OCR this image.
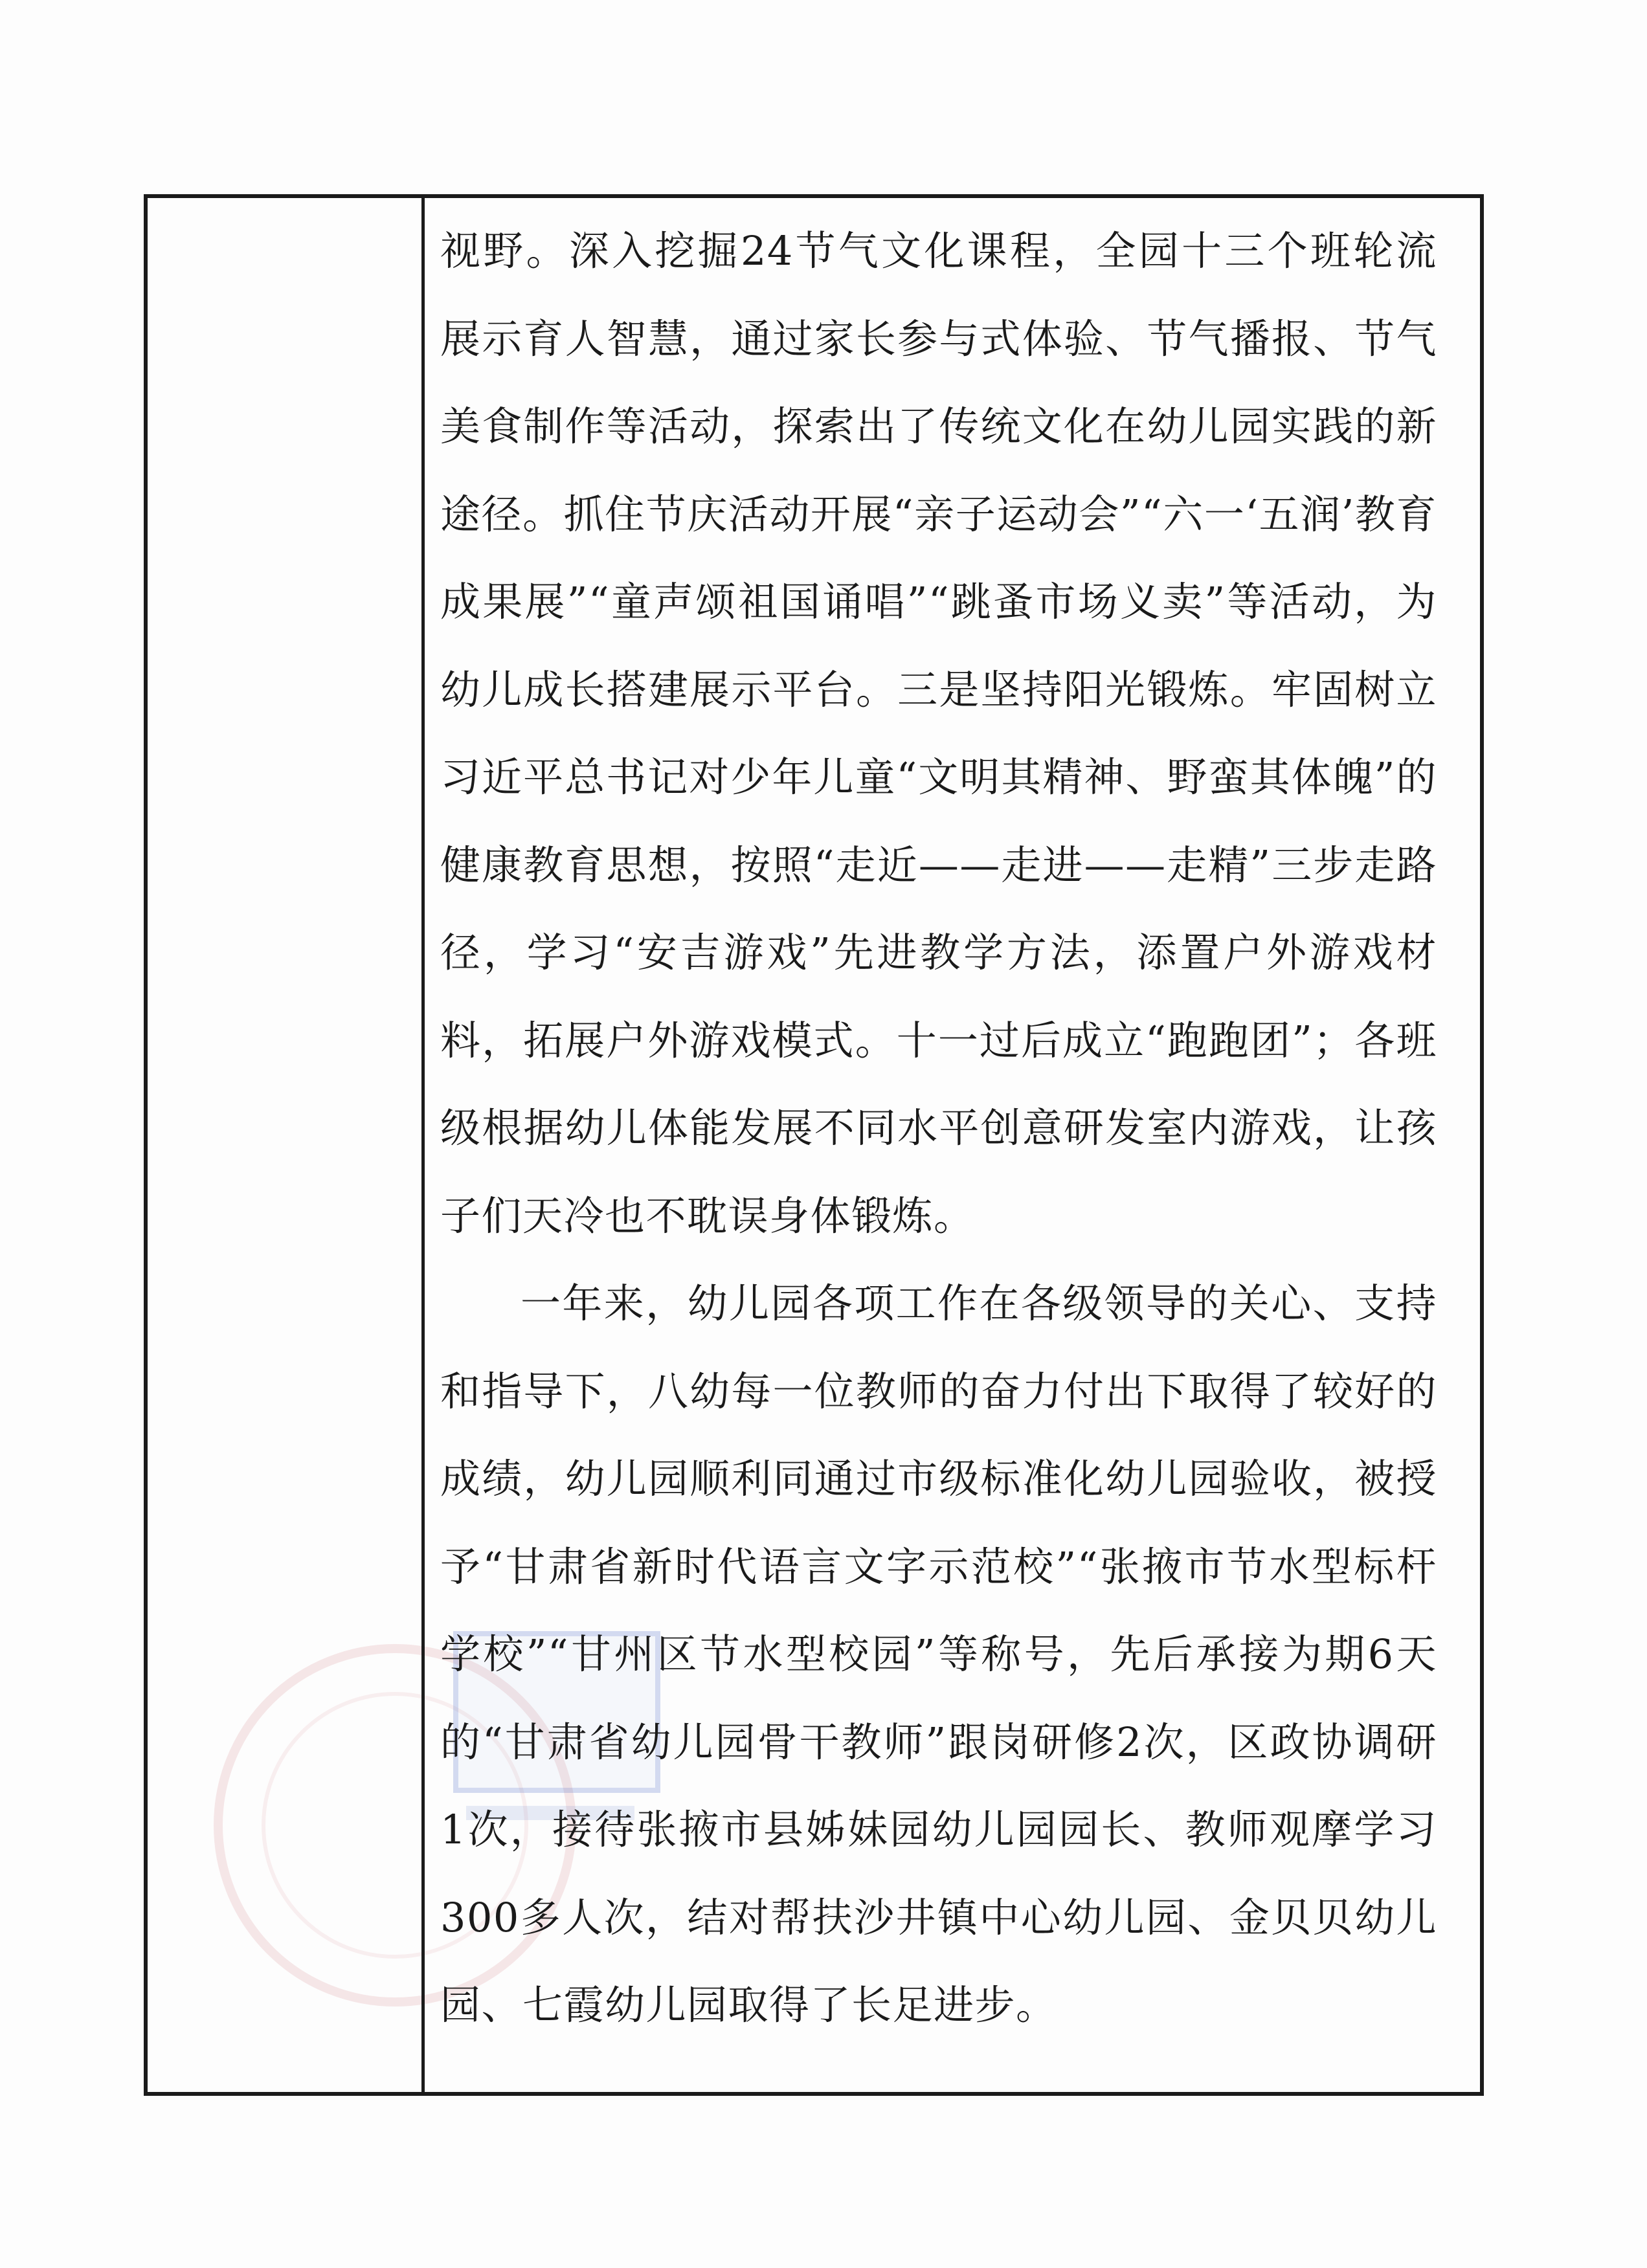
视野。深入挖掘24节气文化课程，全园十三个班轮流展示育人智慧，通过家长参与式体验、节气播报、节气美食制作等活动，探索出了传统文化在幼儿园实践的新途径。抓住节庆活动开展“亲子运动会”“六一‘五润’教育成果展”“童声颂祖国诵唱”“跳蚤市场义卖”等活动，为幼儿成长搭建展示平台。三是坚持阳光锻炼。牢固树立习近平总书记对少年儿童“文明其精神、野蛮其体魄”的健康教育思想，按照“走近——走进——走精”三步走路径，学习“安吉游戏”先进教学方法，添置户外游戏材料，拓展户外游戏模式。十一过后成立“跑跑团”；各班级根据幼儿体能发展不同水平创意研发室内游戏，让孩子们天冷也不耽误身体锻炼。

一年来，幼儿园各项工作在各级领导的关心、支持和指导下，八幼每一位教师的奋力付出下取得了较好的成绩，幼儿园顺利同通过市级标准化幼儿园验收，被授予“甘肃省新时代语言文字示范校”“张掖市节水型标杆学校”“甘州区节水型校园”等称号，先后承接为期6天的“甘肃省幼儿园骨干教师”跟岗研修2次，区政协调研1次，接待张掖市县姊妹园幼儿园园长、教师观摩学习300多人次，结对帮扶沙井镇中心幼儿园、金贝贝幼儿园、七霞幼儿园取得了长足进步。
